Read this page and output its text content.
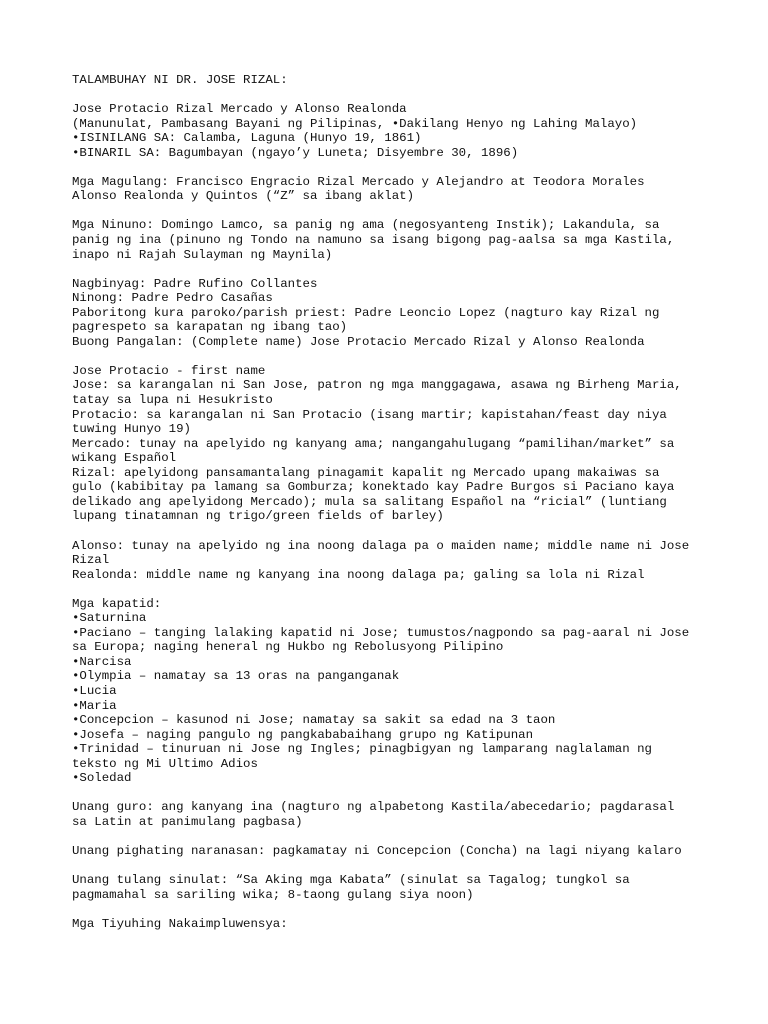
TALAMBUHAY NI DR. JOSE RIZAL:
Jose Protacio Rizal Mercado y Alonso Realonda
(Manunulat, Pambasang Bayani ng Pilipinas, •Dakilang Henyo ng Lahing Malayo)
•ISINILANG SA: Calamba, Laguna (Hunyo 19, 1861)
•BINARIL SA: Bagumbayan (ngayo’y Luneta; Disyembre 30, 1896)
Mga Magulang: Francisco Engracio Rizal Mercado y Alejandro at Teodora Morales
Alonso Realonda y Quintos (“Z” sa ibang aklat)
Mga Ninuno: Domingo Lamco, sa panig ng ama (negosyanteng Instik); Lakandula, sa
panig ng ina (pinuno ng Tondo na namuno sa isang bigong pag-aalsa sa mga Kastila,
inapo ni Rajah Sulayman ng Maynila)
Nagbinyag: Padre Rufino Collantes
Ninong: Padre Pedro Casañas
Paboritong kura paroko/parish priest: Padre Leoncio Lopez (nagturo kay Rizal ng
pagrespeto sa karapatan ng ibang tao)
Buong Pangalan: (Complete name) Jose Protacio Mercado Rizal y Alonso Realonda
Jose Protacio - first name
Jose: sa karangalan ni San Jose, patron ng mga manggagawa, asawa ng Birheng Maria,
tatay sa lupa ni Hesukristo
Protacio: sa karangalan ni San Protacio (isang martir; kapistahan/feast day niya
tuwing Hunyo 19)
Mercado: tunay na apelyido ng kanyang ama; nangangahulugang “pamilihan/market” sa
wikang Español
Rizal: apelyidong pansamantalang pinagamit kapalit ng Mercado upang makaiwas sa
gulo (kabibitay pa lamang sa Gomburza; konektado kay Padre Burgos si Paciano kaya
delikado ang apelyidong Mercado); mula sa salitang Español na “ricial” (luntiang
lupang tinatamnan ng trigo/green fields of barley)
Alonso: tunay na apelyido ng ina noong dalaga pa o maiden name; middle name ni Jose
Rizal
Realonda: middle name ng kanyang ina noong dalaga pa; galing sa lola ni Rizal
Mga kapatid:
•Saturnina
•Paciano – tanging lalaking kapatid ni Jose; tumustos/nagpondo sa pag-aaral ni Jose
sa Europa; naging heneral ng Hukbo ng Rebolusyong Pilipino
•Narcisa
•Olympia – namatay sa 13 oras na panganganak
•Lucia
•Maria
•Concepcion – kasunod ni Jose; namatay sa sakit sa edad na 3 taon
•Josefa – naging pangulo ng pangkababaihang grupo ng Katipunan
•Trinidad – tinuruan ni Jose ng Ingles; pinagbigyan ng lamparang naglalaman ng
teksto ng Mi Ultimo Adios
•Soledad
Unang guro: ang kanyang ina (nagturo ng alpabetong Kastila/abecedario; pagdarasal
sa Latin at panimulang pagbasa)
Unang pighating naranasan: pagkamatay ni Concepcion (Concha) na lagi niyang kalaro
Unang tulang sinulat: “Sa Aking mga Kabata” (sinulat sa Tagalog; tungkol sa
pagmamahal sa sariling wika; 8-taong gulang siya noon)
Mga Tiyuhing Nakaimpluwensya:
